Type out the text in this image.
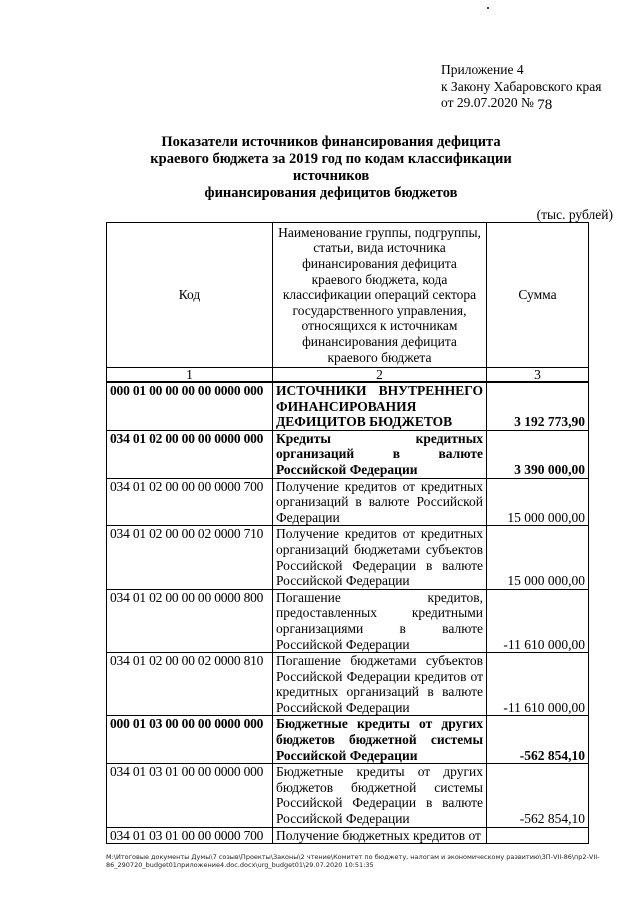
Приложение 4
к Закону Хабаровского края
от 29.07.2020 № 78
Показатели источников финансирования дефицита
краевого бюджета за 2019 год по кодам классификации источников
финансирования дефицитов бюджетов
(тыс. рублей)
Код	Наименование группы, подгруппы, статьи, вида источника финансирования дефицита краевого бюджета, кода классификации операций сектора государственного управления, относящихся к источникам финансирования дефицита краевого бюджета	Сумма
1	2	3
000 01 00 00 00 00 0000 000	ИСТОЧНИКИ ВНУТРЕННЕГО ФИНАНСИРОВАНИЯ ДЕФИЦИТОВ БЮДЖЕТОВ	3 192 773,90
034 01 02 00 00 00 0000 000	Кредиты кредитных организаций в валюте Российской Федерации	3 390 000,00
034 01 02 00 00 00 0000 700	Получение кредитов от кредитных организаций в валюте Российской Федерации	15 000 000,00
034 01 02 00 00 02 0000 710	Получение кредитов от кредитных организаций бюджетами субъектов Российской Федерации в валюте Российской Федерации	15 000 000,00
034 01 02 00 00 00 0000 800	Погашение кредитов, предоставленных кредитными организациями в валюте Российской Федерации	-11 610 000,00
034 01 02 00 00 02 0000 810	Погашение бюджетами субъектов Российской Федерации кредитов от кредитных организаций в валюте Российской Федерации	-11 610 000,00
000 01 03 00 00 00 0000 000	Бюджетные кредиты от других бюджетов бюджетной системы Российской Федерации	-562 854,10
034 01 03 01 00 00 0000 000	Бюджетные кредиты от других бюджетов бюджетной системы Российской Федерации в валюте Российской Федерации	-562 854,10
034 01 03 01 00 00 0000 700	Получение бюджетных кредитов от	
M:\Итоговые документы Думы\7 созыв\Проекты\Законы\2 чтение\Комитет по бюджету, налогам и экономическому развитию\3П-VII-86\пр2-VII-86_290720_budget01приложение4.doc.docx\urg_budget01\29.07.2020 10:51:35
